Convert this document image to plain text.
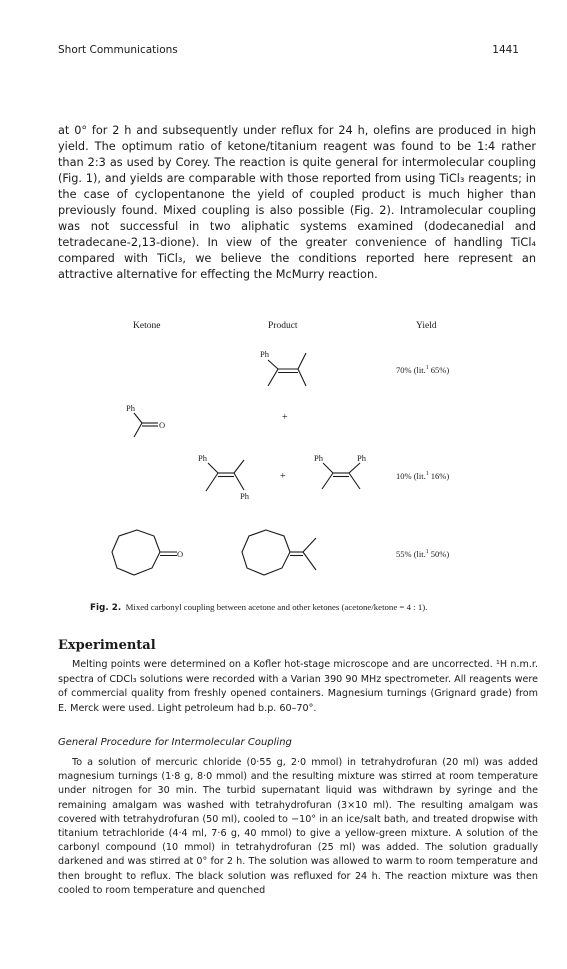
Short Communications	1441
at 0° for 2 h and subsequently under reflux for 24 h, olefins are produced in high yield. The optimum ratio of ketone/titanium reagent was found to be 1:4 rather than 2:3 as used by Corey. The reaction is quite general for intermolecular coupling (Fig. 1), and yields are comparable with those reported from using TiCl₃ reagents; in the case of cyclopentanone the yield of coupled product is much higher than previously found. Mixed coupling is also possible (Fig. 2). Intramolecular coupling was not successful in two aliphatic systems examined (dodecanedial and tetradecane-2,13-dione). In view of the greater convenience of handling TiCl₄ compared with TiCl₃, we believe the conditions reported here represent an attractive alternative for effecting the McMurry reaction.
Ketone	Product	Yield
Ph
70% (lit.$^1$ 65%)
+
Ph
O
Ph
Ph
+
Ph	Ph
10% (lit.$^1$ 16%)
O	55% (lit.$^1$ 50%)
Fig. 2. Mixed carbonyl coupling between acetone and other ketones (acetone/ketone = 4 : 1).
Experimental
Melting points were determined on a Kofler hot-stage microscope and are uncorrected. ¹H n.m.r. spectra of CDCl₃ solutions were recorded with a Varian 390 90 MHz spectrometer. All reagents were of commercial quality from freshly opened containers. Magnesium turnings (Grignard grade) from E. Merck were used. Light petroleum had b.p. 60–70°.
General Procedure for Intermolecular Coupling
To a solution of mercuric chloride (0·55 g, 2·0 mmol) in tetrahydrofuran (20 ml) was added magnesium turnings (1·8 g, 8·0 mmol) and the resulting mixture was stirred at room temperature under nitrogen for 30 min. The turbid supernatant liquid was withdrawn by syringe and the remaining amalgam was washed with tetrahydrofuran (3×10 ml). The resulting amalgam was covered with tetrahydrofuran (50 ml), cooled to −10° in an ice/salt bath, and treated dropwise with titanium tetrachloride (4·4 ml, 7·6 g, 40 mmol) to give a yellow-green mixture. A solution of the carbonyl compound (10 mmol) in tetrahydrofuran (25 ml) was added. The solution gradually darkened and was stirred at 0° for 2 h. The solution was allowed to warm to room temperature and then brought to reflux. The black solution was refluxed for 24 h. The reaction mixture was then cooled to room temperature and quenched
